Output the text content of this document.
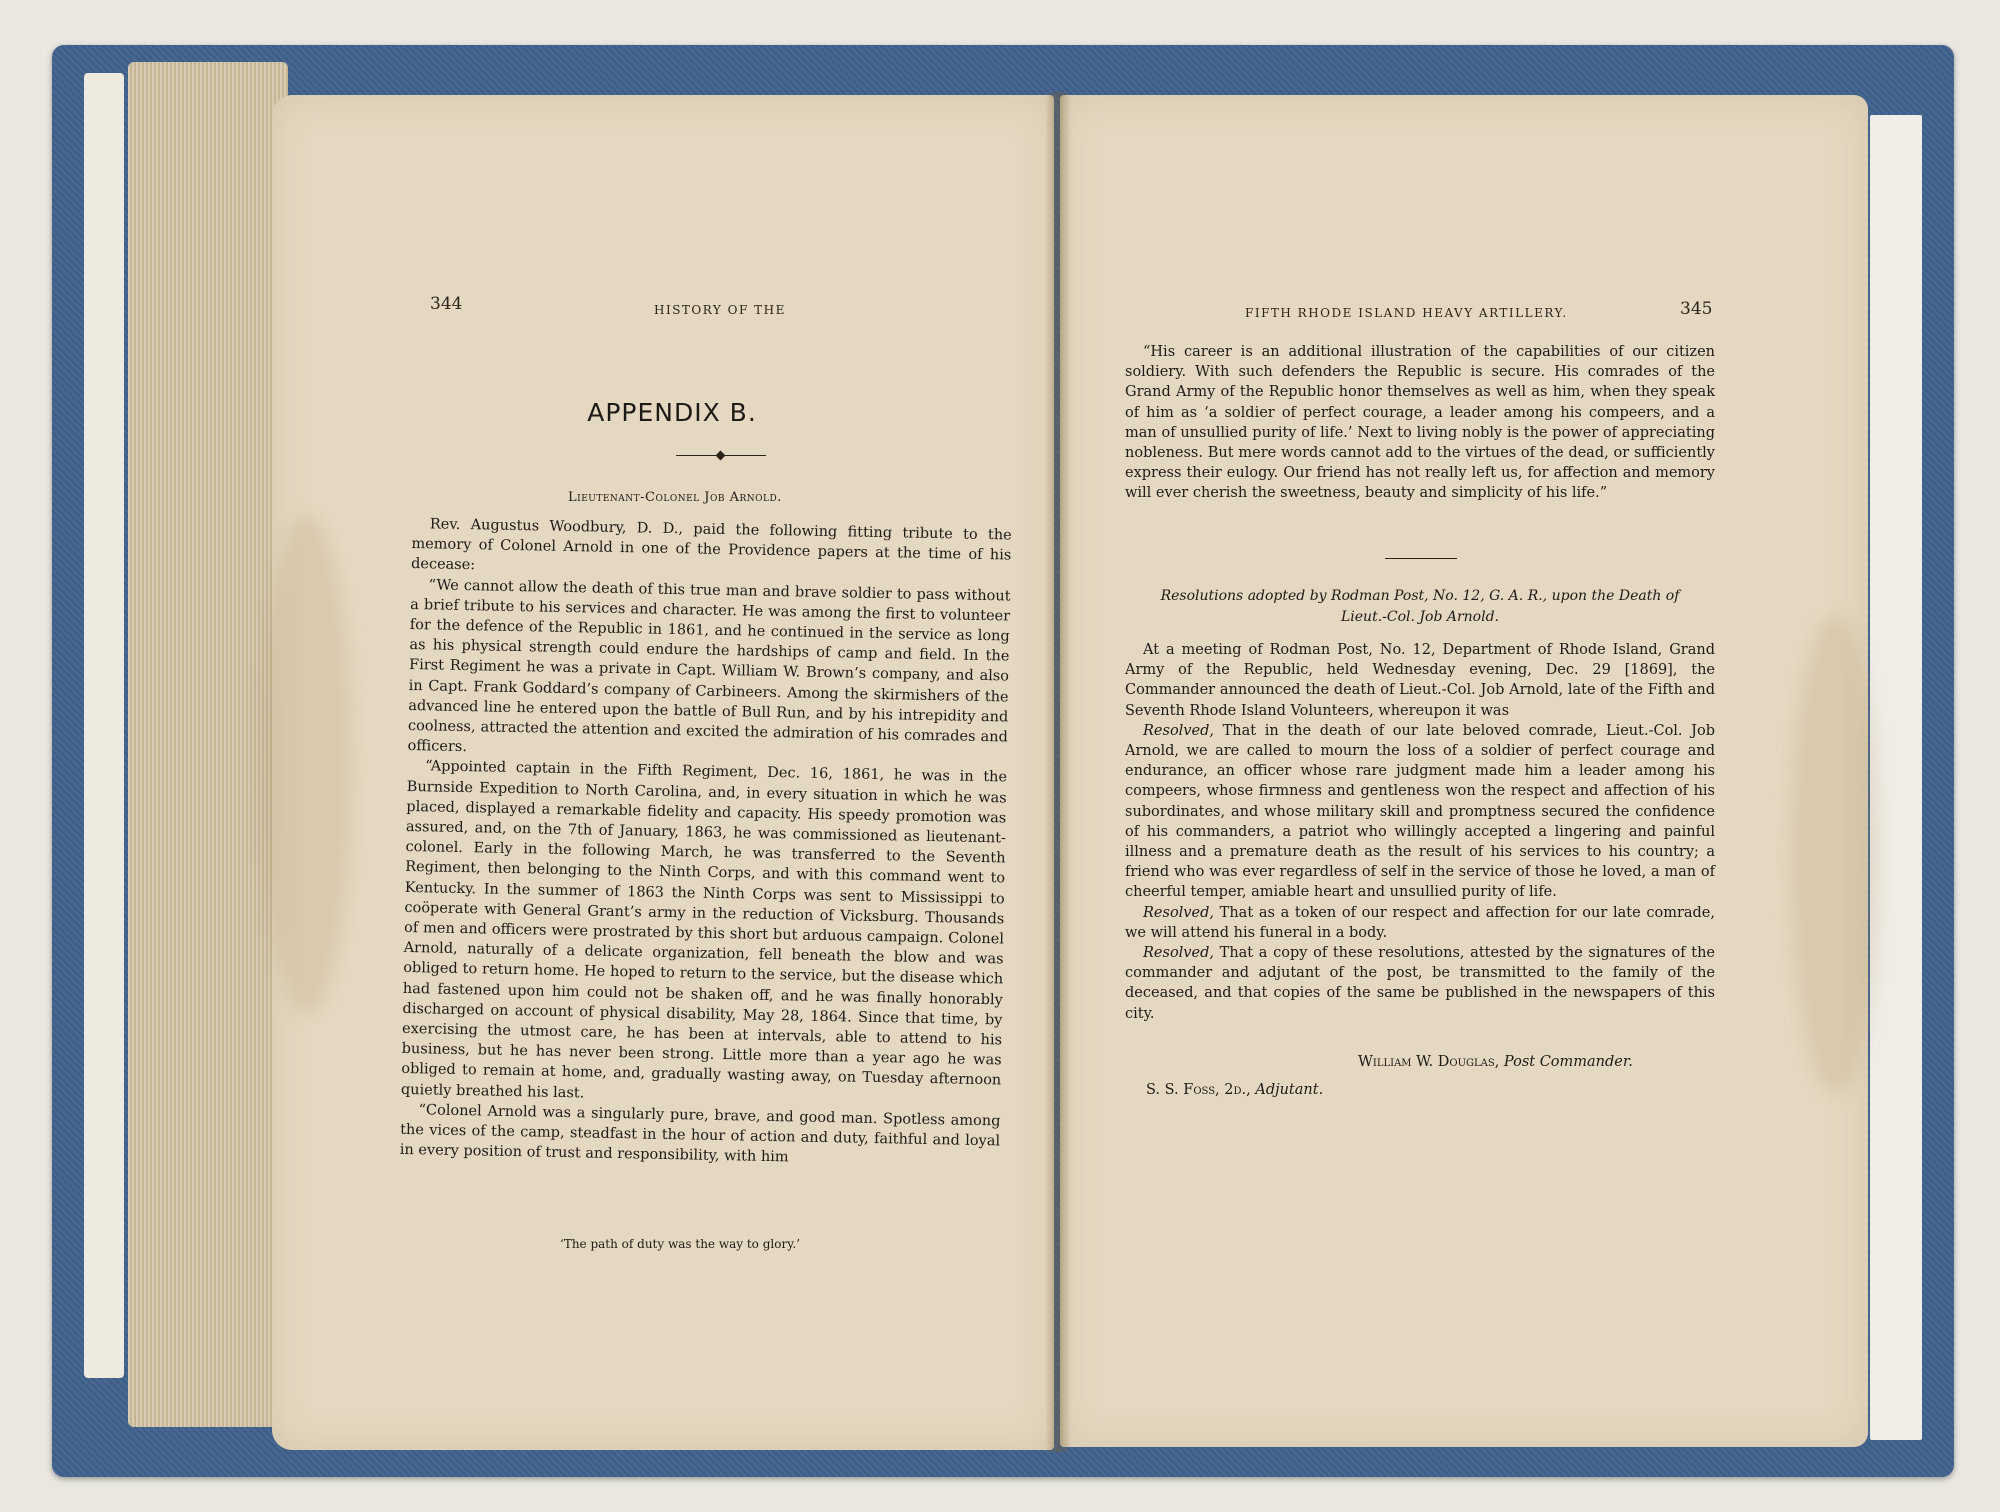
344	HISTORY OF THE
APPENDIX B.
Lieutenant-Colonel Job Arnold.

Rev. Augustus Woodbury, D. D., paid the following fitting tribute to the memory of Colonel Arnold in one of the Providence papers at the time of his decease:

“We cannot allow the death of this true man and brave soldier to pass without a brief tribute to his services and character. He was among the first to volunteer for the defence of the Republic in 1861, and he continued in the service as long as his physical strength could endure the hardships of camp and field. In the First Regiment he was a private in Capt. William W. Brown’s company, and also in Capt. Frank Goddard’s company of Carbineers. Among the skirmishers of the advanced line he entered upon the battle of Bull Run, and by his intrepidity and coolness, attracted the attention and excited the admiration of his comrades and officers.

“Appointed captain in the Fifth Regiment, Dec. 16, 1861, he was in the Burnside Expedition to North Carolina, and, in every situation in which he was placed, displayed a remarkable fidelity and capacity. His speedy promotion was assured, and, on the 7th of January, 1863, he was commissioned as lieutenant-colonel. Early in the following March, he was transferred to the Seventh Regiment, then belonging to the Ninth Corps, and with this command went to Kentucky. In the summer of 1863 the Ninth Corps was sent to Mississippi to coöperate with General Grant’s army in the reduction of Vicksburg. Thousands of men and officers were prostrated by this short but arduous campaign. Colonel Arnold, naturally of a delicate organization, fell beneath the blow and was obliged to return home. He hoped to return to the service, but the disease which had fastened upon him could not be shaken off, and he was finally honorably discharged on account of physical disability, May 28, 1864. Since that time, by exercising the utmost care, he has been at intervals, able to attend to his business, but he has never been strong. Little more than a year ago he was obliged to remain at home, and, gradually wasting away, on Tuesday afternoon quietly breathed his last.

“Colonel Arnold was a singularly pure, brave, and good man. Spotless among the vices of the camp, steadfast in the hour of action and duty, faithful and loyal in every position of trust and responsibility, with him

‘The path of duty was the way to glory.’
FIFTH RHODE ISLAND HEAVY ARTILLERY.	345

“His career is an additional illustration of the capabilities of our citizen soldiery. With such defenders the Republic is secure. His comrades of the Grand Army of the Republic honor themselves as well as him, when they speak of him as ‘a soldier of perfect courage, a leader among his compeers, and a man of unsullied purity of life.’ Next to living nobly is the power of appreciating nobleness. But mere words cannot add to the virtues of the dead, or sufficiently express their eulogy. Our friend has not really left us, for affection and memory will ever cherish the sweetness, beauty and simplicity of his life.”

Resolutions adopted by Rodman Post, No. 12, G. A. R., upon the Death of
Lieut.-Col. Job Arnold.

At a meeting of Rodman Post, No. 12, Department of Rhode Island, Grand Army of the Republic, held Wednesday evening, Dec. 29 [1869], the Commander announced the death of Lieut.-Col. Job Arnold, late of the Fifth and Seventh Rhode Island Volunteers, whereupon it was

Resolved, That in the death of our late beloved comrade, Lieut.-Col. Job Arnold, we are called to mourn the loss of a soldier of perfect courage and endurance, an officer whose rare judgment made him a leader among his compeers, whose firmness and gentleness won the respect and affection of his subordinates, and whose military skill and promptness secured the confidence of his commanders, a patriot who willingly accepted a lingering and painful illness and a premature death as the result of his services to his country; a friend who was ever regardless of self in the service of those he loved, a man of cheerful temper, amiable heart and unsullied purity of life.

Resolved, That as a token of our respect and affection for our late comrade, we will attend his funeral in a body.

Resolved, That a copy of these resolutions, attested by the signatures of the commander and adjutant of the post, be transmitted to the family of the deceased, and that copies of the same be published in the newspapers of this city.

William W. Douglas, Post Commander.
S. S. Foss, 2d., Adjutant.
